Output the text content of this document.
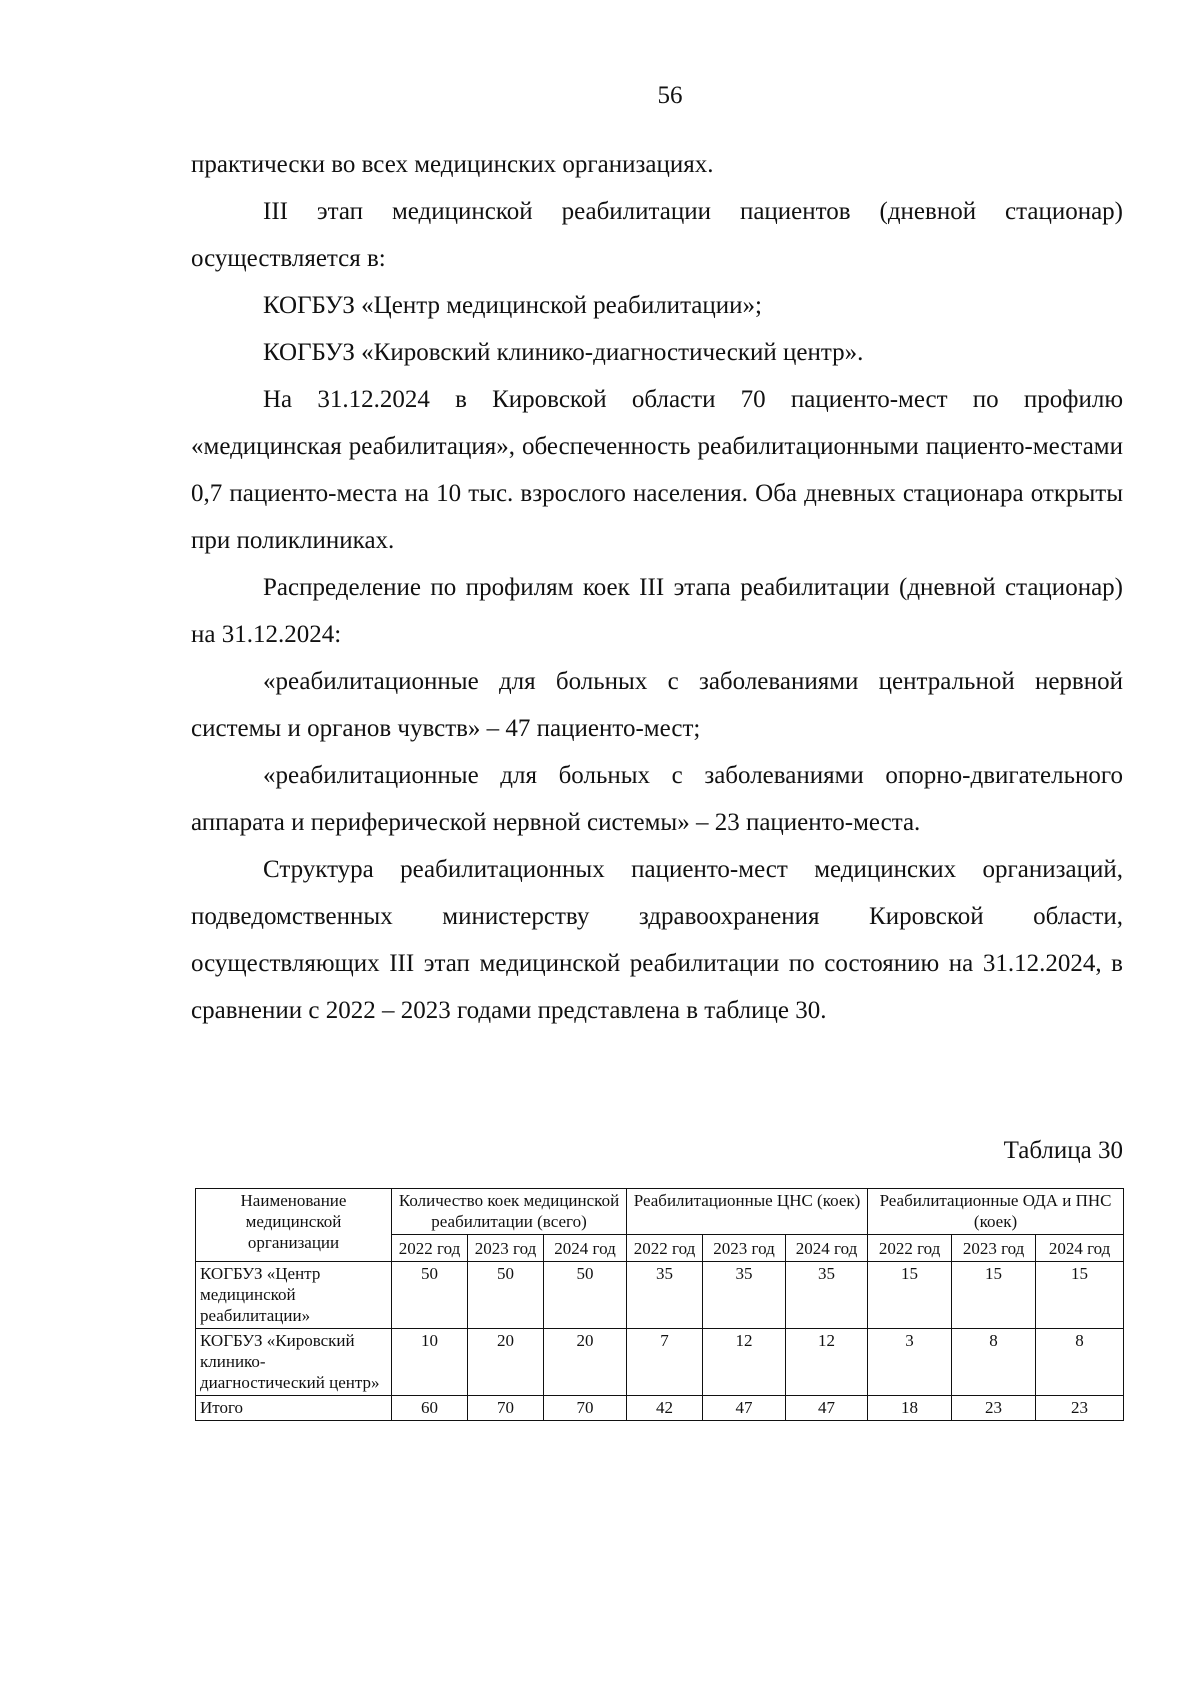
56

практически во всех медицинских организациях.

III этап медицинской реабилитации пациентов (дневной стационар) осуществляется в:

КОГБУЗ «Центр медицинской реабилитации»;

КОГБУЗ «Кировский клинико-диагностический центр».

На 31.12.2024 в Кировской области 70 пациенто-мест по профилю «медицинская реабилитация», обеспеченность реабилитационными пациенто-местами 0,7 пациенто-места на 10 тыс. взрослого населения. Оба дневных стационара открыты при поликлиниках.

Распределение по профилям коек III этапа реабилитации (дневной стационар) на 31.12.2024:

«реабилитационные для больных с заболеваниями центральной нервной системы и органов чувств» – 47 пациенто-мест;

«реабилитационные для больных с заболеваниями опорно-двигательного аппарата и периферической нервной системы» – 23 пациенто-места.

Структура реабилитационных пациенто-мест медицинских организаций, подведомственных министерству здравоохранения Кировской области, осуществляющих III этап медицинской реабилитации по состоянию на 31.12.2024, в сравнении с 2022 – 2023 годами представлена в таблице 30.

Таблица 30
Наименование медицинской организации	Количество коек медицинской реабилитации (всего)			Реабилитационные ЦНС (коек)			Реабилитационные ОДА и ПНС (коек)		
	2022 год	2023 год	2024 год	2022 год	2023 год	2024 год	2022 год	2023 год	2024 год
КОГБУЗ «Центр медицинской реабилитации»	50	50	50	35	35	35	15	15	15
КОГБУЗ «Кировский клинико-диагностический центр»	10	20	20	7	12	12	3	8	8
Итого	60	70	70	42	47	47	18	23	23
